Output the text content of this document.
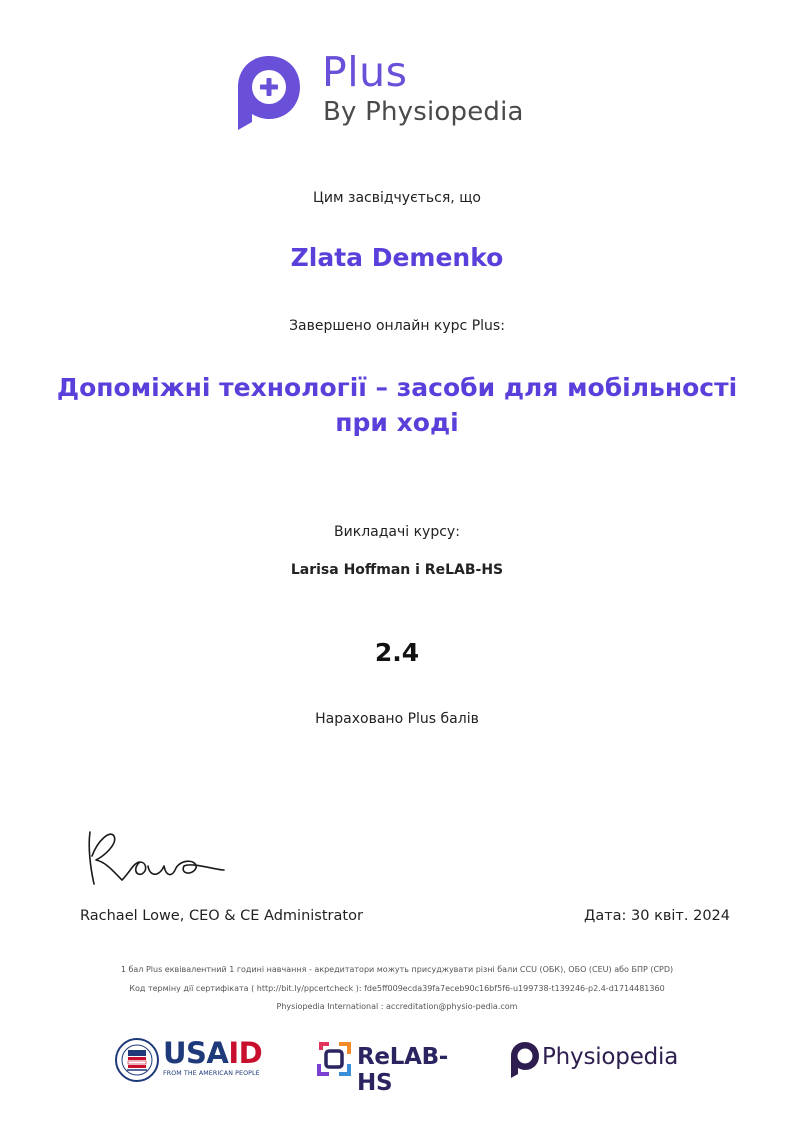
Plus
By Physiopedia
Цим засвідчується, що
Zlata Demenko
Завершено онлайн курс Plus:
Допоміжні технології – засоби для мобільності
при ході
Викладачі курсу:
Larisa Hoffman і ReLAB-HS
2.4
Нараховано Plus балів
Rachael Lowe, CEO & CE Administrator	Дата: 30 квіт. 2024
1 бал Plus еквівалентний 1 годині навчання - акредитатори можуть присуджувати різні бали CCU (ОБК), ОБО (CEU) або БПР (CPD)
Код терміну дії сертифіката ( http://bit.ly/ppcertcheck ): fde5ff009ecda39fa7eceb90c16bf5f6-u199738-t139246-p2.4-d1714481360
Physiopedia International : accreditation@physio-pedia.com
USAID
FROM THE AMERICAN PEOPLE
ReLAB-HS
Physiopedia
